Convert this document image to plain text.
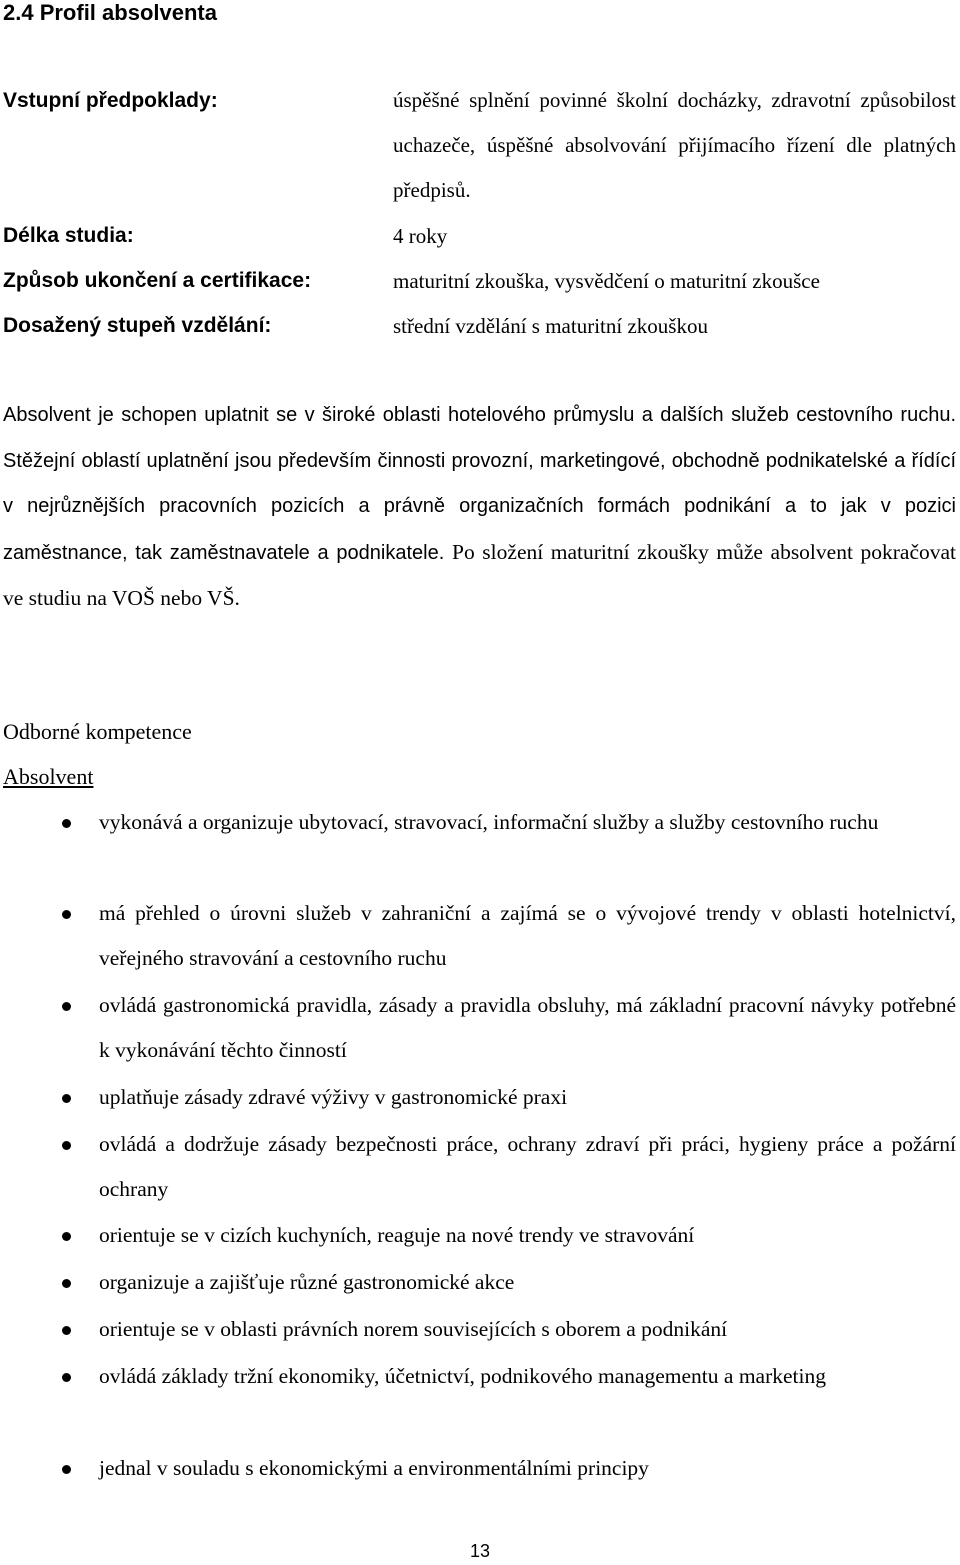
2.4 Profil absolventa
Vstupní předpoklady:	úspěšné splnění povinné školní docházky, zdravotní způsobilost uchazeče, úspěšné absolvování přijímacího řízení dle platných předpisů.
Délka studia:	4 roky
Způsob ukončení a certifikace:	maturitní zkouška, vysvědčení o maturitní zkoušce
Dosažený stupeň vzdělání:	střední vzdělání s maturitní zkouškou

Absolvent je schopen uplatnit se v široké oblasti hotelového průmyslu a dalších služeb cestovního ruchu. Stěžejní oblastí uplatnění jsou především činnosti provozní, marketingové, obchodně podnikatelské a řídící v nejrůznějších pracovních pozicích a právně organizačních formách podnikání a to jak v pozici zaměstnance, tak zaměstnavatele a podnikatele. Po složení maturitní zkoušky může absolvent pokračovat ve studiu na VOŠ nebo VŠ.

Odborné kompetence
Absolvent
vykonává a organizuje ubytovací, stravovací, informační služby a služby cestovního ruchu
má přehled o úrovni služeb v zahraniční a zajímá se o vývojové trendy v oblasti hotelnictví, veřejného stravování a cestovního ruchu
ovládá gastronomická pravidla, zásady a pravidla obsluhy, má základní pracovní návyky potřebné k vykonávání těchto činností
uplatňuje zásady zdravé výživy v gastronomické praxi
ovládá a dodržuje zásady bezpečnosti práce, ochrany zdraví při práci, hygieny práce a požární ochrany
orientuje se v cizích kuchyních, reaguje na nové trendy ve stravování
organizuje a zajišťuje různé gastronomické akce
orientuje se v oblasti právních norem souvisejících s oborem a podnikání
ovládá základy tržní ekonomiky, účetnictví, podnikového managementu a marketing
jednal v souladu s ekonomickými a environmentálními principy
13
